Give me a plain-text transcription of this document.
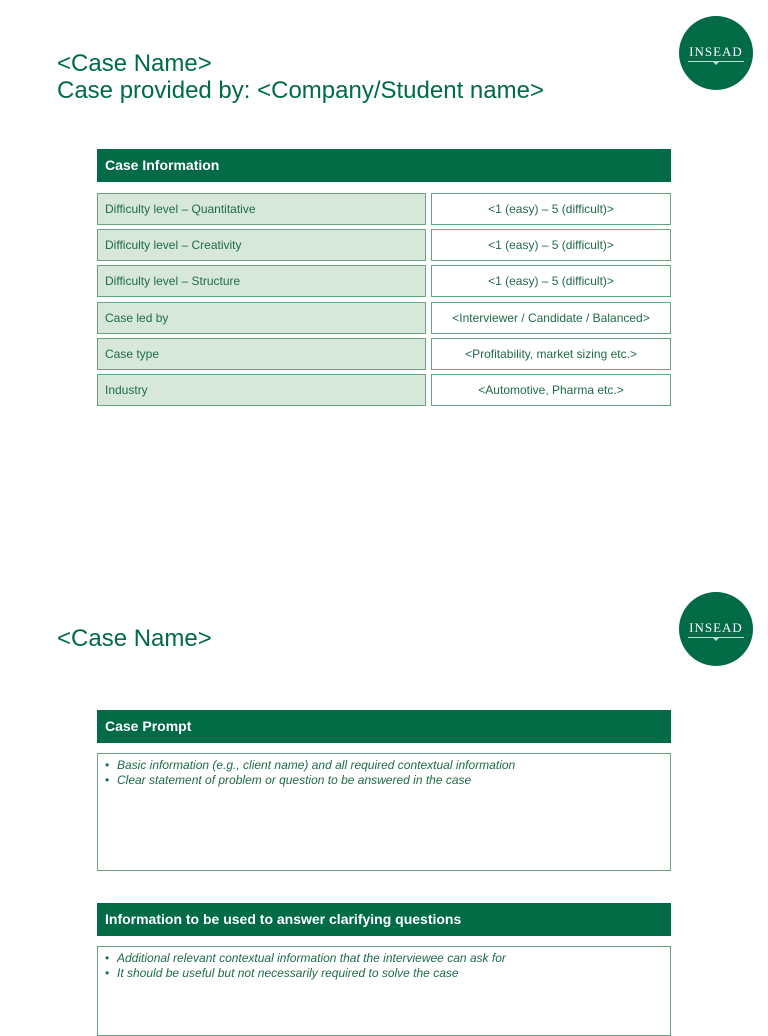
INSEAD
<Case Name>
Case provided by: <Company/Student name>
Case Information
Difficulty level – Quantitative	<1 (easy) – 5 (difficult)>
Difficulty level – Creativity	<1 (easy) – 5 (difficult)>
Difficulty level – Structure	<1 (easy) – 5 (difficult)>
Case led by	<Interviewer / Candidate / Balanced>
Case type	<Profitability, market sizing etc.>
Industry	<Automotive, Pharma etc.>
INSEAD
<Case Name>
Case Prompt
• Basic information (e.g., client name) and all required contextual information
• Clear statement of problem or question to be answered in the case
Information to be used to answer clarifying questions
• Additional relevant contextual information that the interviewee can ask for
• It should be useful but not necessarily required to solve the case
